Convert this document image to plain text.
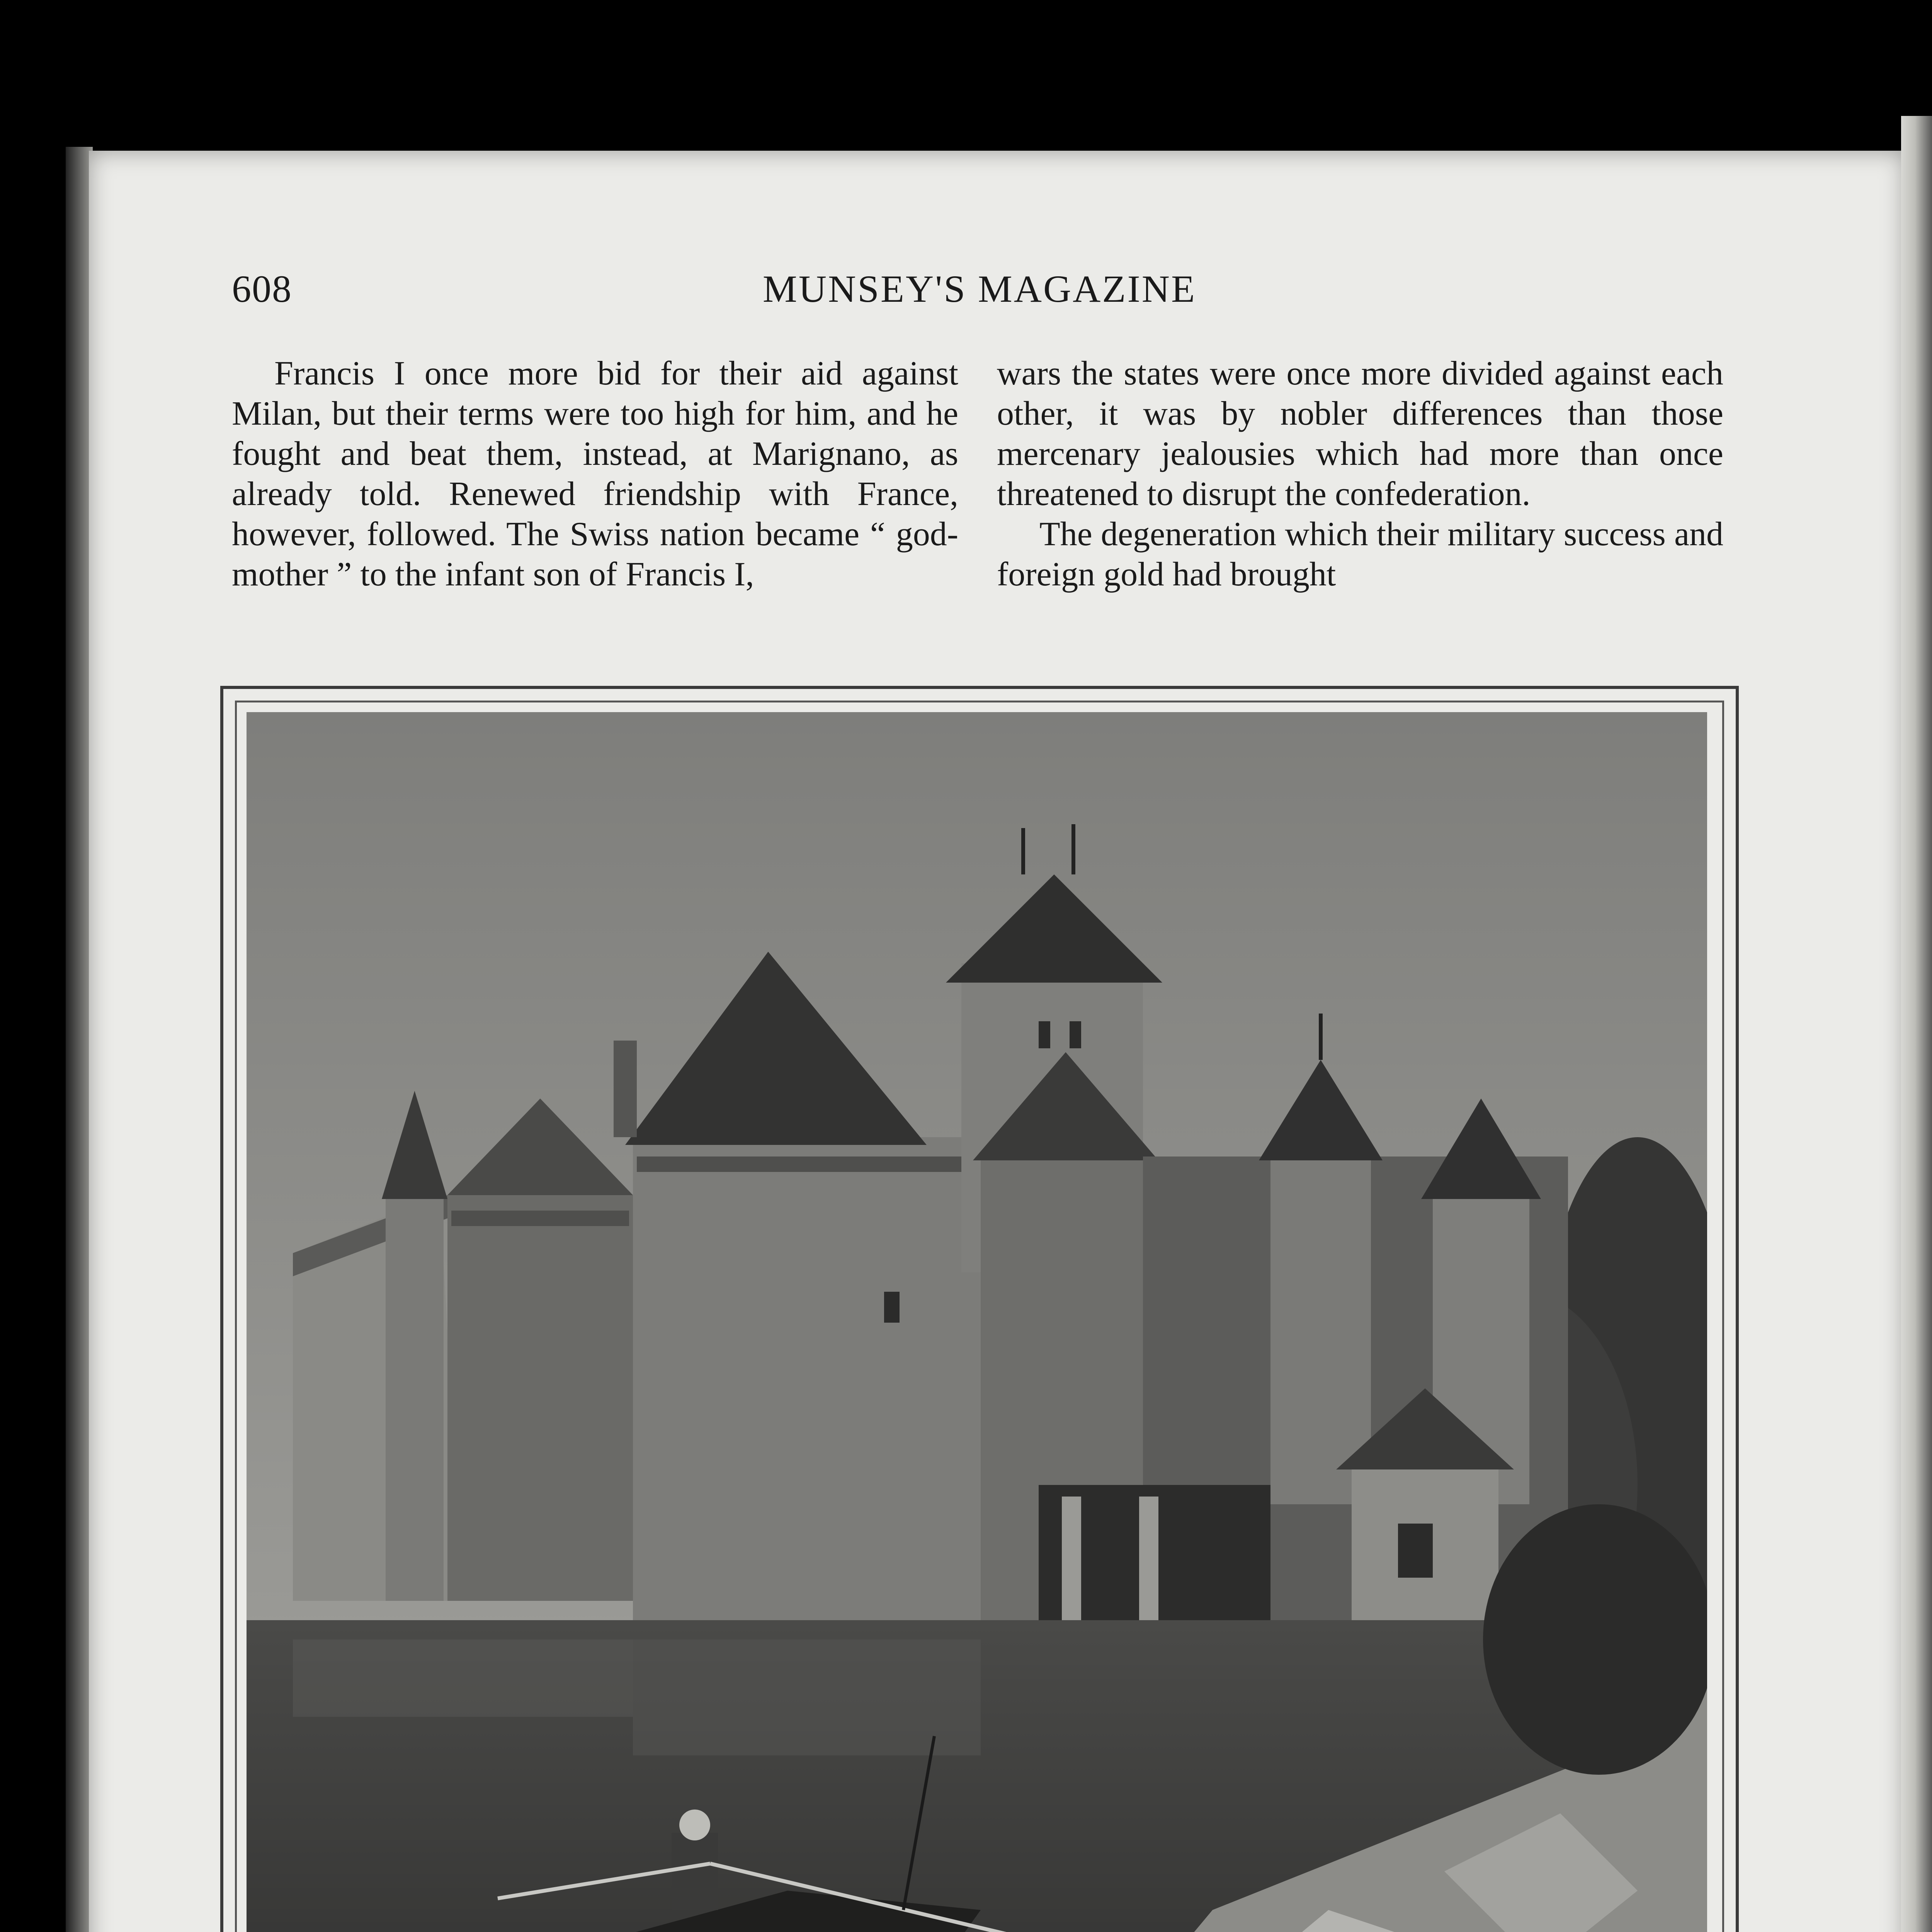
608	MUNSEY'S MAGAZINE

Francis I once more bid for their aid against Milan, but their terms were too high for him, and he fought and beat them, instead, at Marignano, as already told. Renewed friendship with France, however, followed. The Swiss nation became “ god-mother ” to the infant son of Francis I,

wars the states were once more divided against each other, it was by nobler differences than those mercenary jealousies which had more than once threatened to disrupt the confederation.

The degeneration which their military success and foreign gold had brought
